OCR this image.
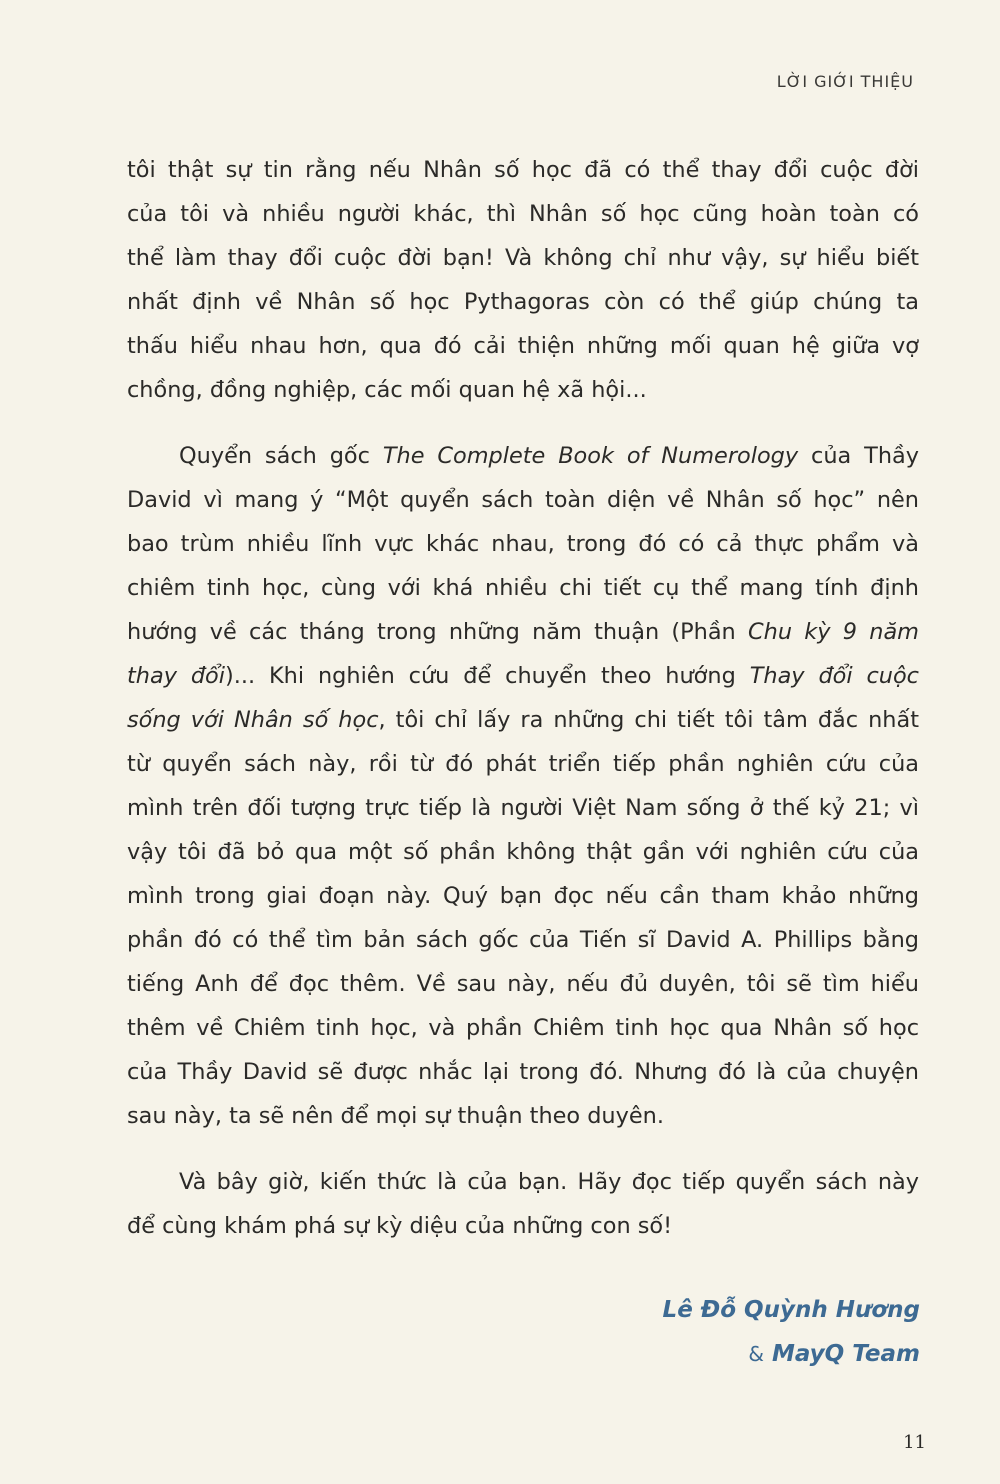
LỜI GIỚI THIỆU

tôi thật sự tin rằng nếu Nhân số học đã có thể thay đổi cuộc đời
của tôi và nhiều người khác, thì Nhân số học cũng hoàn toàn có
thể làm thay đổi cuộc đời bạn! Và không chỉ như vậy, sự hiểu biết
nhất định về Nhân số học Pythagoras còn có thể giúp chúng ta
thấu hiểu nhau hơn, qua đó cải thiện những mối quan hệ giữa vợ
chồng, đồng nghiệp, các mối quan hệ xã hội...

Quyển sách gốc The Complete Book of Numerology của Thầy
David vì mang ý “Một quyển sách toàn diện về Nhân số học” nên
bao trùm nhiều lĩnh vực khác nhau, trong đó có cả thực phẩm và
chiêm tinh học, cùng với khá nhiều chi tiết cụ thể mang tính định
hướng về các tháng trong những năm thuận (Phần Chu kỳ 9 năm
thay đổi)... Khi nghiên cứu để chuyển theo hướng Thay đổi cuộc
sống với Nhân số học, tôi chỉ lấy ra những chi tiết tôi tâm đắc nhất
từ quyển sách này, rồi từ đó phát triển tiếp phần nghiên cứu của
mình trên đối tượng trực tiếp là người Việt Nam sống ở thế kỷ 21; vì
vậy tôi đã bỏ qua một số phần không thật gần với nghiên cứu của
mình trong giai đoạn này. Quý bạn đọc nếu cần tham khảo những
phần đó có thể tìm bản sách gốc của Tiến sĩ David A. Phillips bằng
tiếng Anh để đọc thêm. Về sau này, nếu đủ duyên, tôi sẽ tìm hiểu
thêm về Chiêm tinh học, và phần Chiêm tinh học qua Nhân số học
của Thầy David sẽ được nhắc lại trong đó. Nhưng đó là của chuyện
sau này, ta sẽ nên để mọi sự thuận theo duyên.

Và bây giờ, kiến thức là của bạn. Hãy đọc tiếp quyển sách này
để cùng khám phá sự kỳ diệu của những con số!

Lê Đỗ Quỳnh Hương
& MayQ Team
11
